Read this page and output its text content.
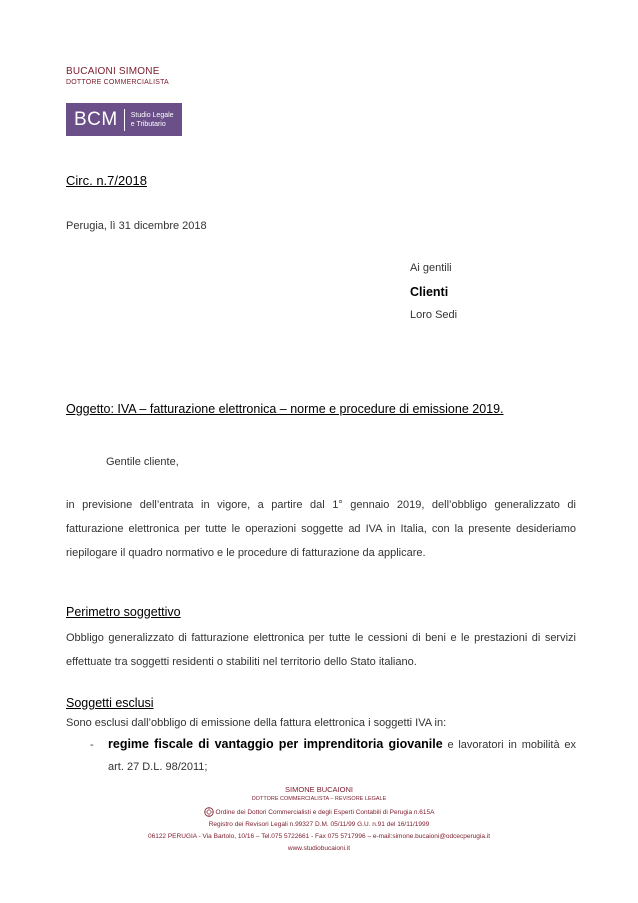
BUCAIONI SIMONE
DOTTORE COMMERCIALISTA
BCM Studio Legale
e Tributario
Circ. n.7/2018
Perugia, lì 31 dicembre 2018
Ai gentili
Clienti
Loro Sedi
Oggetto: IVA – fatturazione elettronica – norme e procedure di emissione 2019.
Gentile cliente,
in previsione dell’entrata in vigore, a partire dal 1° gennaio 2019, dell’obbligo generalizzato di fatturazione elettronica per tutte le operazioni soggette ad IVA in Italia, con la presente desideriamo riepilogare il quadro normativo e le procedure di fatturazione da applicare.
Perimetro soggettivo
Obbligo generalizzato di fatturazione elettronica per tutte le cessioni di beni e le prestazioni di servizi effettuate tra soggetti residenti o stabiliti nel territorio dello Stato italiano.
Soggetti esclusi
Sono esclusi dall’obbligo di emissione della fattura elettronica i soggetti IVA in:
- regime fiscale di vantaggio per imprenditoria giovanile e lavoratori in mobilità ex art. 27 D.L. 98/2011;
SIMONE BUCAIONI
DOTTORE COMMERCIALISTA – REVISORE LEGALE
Ordine dei Dottori Commercialisti e degli Esperti Contabili di Perugia n.615A
Registro dei Revisori Legali n.99327 D.M. 05/11/99 G.U. n.91 del 16/11/1999
06122 PERUGIA - Via Bartolo, 10/16 – Tel.075 5722661 - Fax 075 5717996 – e-mail:simone.bucaioni@odcecperugia.it
www.studiobucaioni.it
